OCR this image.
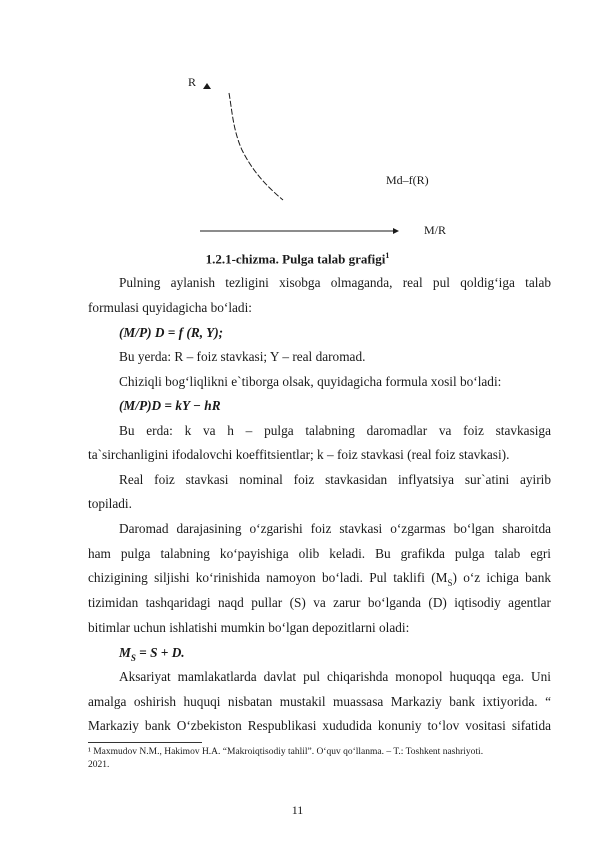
R
Md–f(R)
M/R
1.2.1-chizma. Pulga talab grafigi$^1$
Pulning aylanish tezligini xisobga olmaganda, real pul qoldig‘iga talab
formulasi quyidagicha bo‘ladi:
(M/P) D = f (R, Y);
Bu yerda: R – foiz stavkasi; Y – real daromad.
Chiziqli bog‘liqlikni e`tiborga olsak, quyidagicha formula xosil bo‘ladi:
(M/P)D = kY − hR
Bu erda: k va h – pulga talabning daromadlar va foiz stavkasiga
ta`sirchanligini ifodalovchi koeffitsientlar; k – foiz stavkasi (real foiz stavkasi).
Real foiz stavkasi nominal foiz stavkasidan inflyatsiya sur`atini ayirib
topiladi.
Daromad darajasining o‘zgarishi foiz stavkasi o‘zgarmas bo‘lgan sharoitda
ham pulga talabning ko‘payishiga olib keladi. Bu grafikda pulga talab egri
chizigining siljishi ko‘rinishida namoyon bo‘ladi. Pul taklifi $(M_S)$ o‘z ichiga bank
tizimidan tashqaridagi naqd pullar (S) va zarur bo‘lganda (D) iqtisodiy agentlar
bitimlar uchun ishlatishi mumkin bo‘lgan depozitlarni oladi:
$M_S = S + D$.
Aksariyat mamlakatlarda davlat pul chiqarishda monopol huquqqa ega. Uni
amalga oshirish huquqi nisbatan mustakil muassasa Markaziy bank ixtiyorida. “
Markaziy bank O‘zbekiston Respublikasi xududida konuniy to‘lov vositasi sifatida
¹ Maxmudov N.M., Hakimov H.A. “Makroiqtisodiy tahlil”. O‘quv qo‘llanma. – T.: Toshkent nashriyoti.
2021.
11
